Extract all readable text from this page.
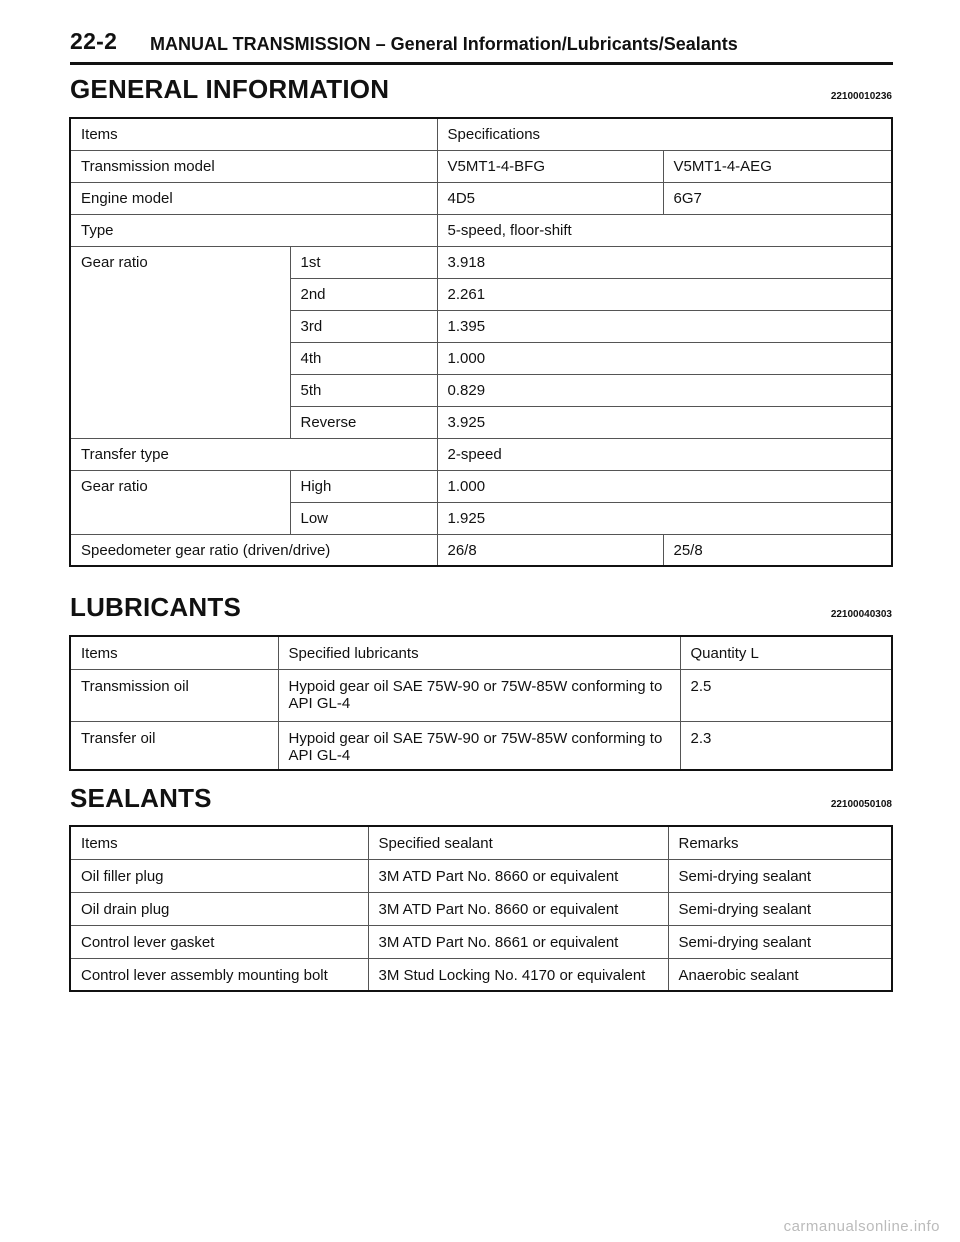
22-2 MANUAL TRANSMISSION – General Information/Lubricants/Sealants
GENERAL INFORMATION	22100010236
Items		Specifications	
Transmission model		V5MT1-4-BFG	V5MT1-4-AEG
Engine model		4D5	6G7
Type		5-speed, floor-shift	
Gear ratio	1st	3.918	
	2nd	2.261	
	3rd	1.395	
	4th	1.000	
	5th	0.829	
	Reverse	3.925	
Transfer type		2-speed	
Gear ratio	High	1.000	
	Low	1.925	
Speedometer gear ratio (driven/drive)		26/8	25/8
LUBRICANTS	22100040303
Items	Specified lubricants	Quantity L
Transmission oil	Hypoid gear oil SAE 75W-90 or 75W-85W conforming to API GL-4	2.5
Transfer oil	Hypoid gear oil SAE 75W-90 or 75W-85W conforming to API GL-4	2.3
SEALANTS	22100050108
Items	Specified sealant	Remarks
Oil filler plug	3M ATD Part No. 8660 or equivalent	Semi-drying sealant
Oil drain plug	3M ATD Part No. 8660 or equivalent	Semi-drying sealant
Control lever gasket	3M ATD Part No. 8661 or equivalent	Semi-drying sealant
Control lever assembly mounting bolt	3M Stud Locking No. 4170 or equivalent	Anaerobic sealant
carmanualsonline.info
